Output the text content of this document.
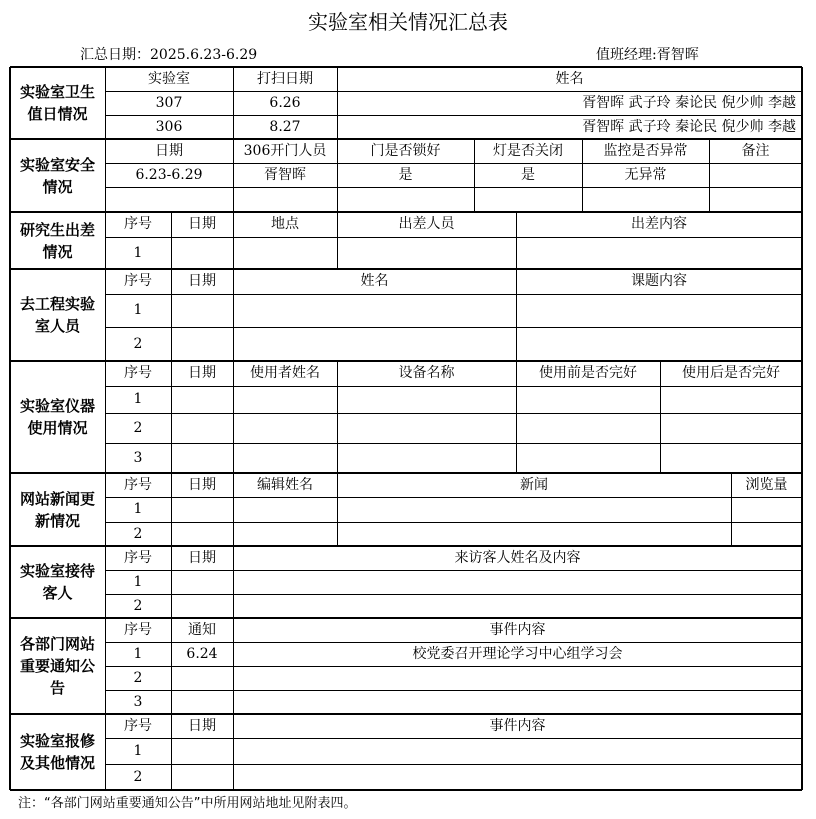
实验室相关情况汇总表
汇总日期：2025.6.23-6.29	值班经理:胥智晖
实验室卫生值日情况
实验室	打扫日期	姓名
307	6.26	胥智晖 武子玲 秦论民 倪少帅 李越
306	8.27	胥智晖 武子玲 秦论民 倪少帅 李越
实验室安全情况
日期	306开门人员	门是否锁好	灯是否关闭	监控是否异常	备注
6.23-6.29	胥智晖	是	是	无异常
研究生出差情况
序号	日期	地点	出差人员	出差内容
1
去工程实验室人员
序号	日期	姓名	课题内容
1
2
实验室仪器使用情况
序号	日期	使用者姓名	设备名称	使用前是否完好	使用后是否完好
1
2
3
网站新闻更新情况
序号	日期	编辑姓名	新闻	浏览量
1
2
实验室接待客人
序号	日期	来访客人姓名及内容
1
2
各部门网站重要通知公告
序号	通知	事件内容
1	6.24	校党委召开理论学习中心组学习会
2
3
实验室报修及其他情况
序号	日期	事件内容
1
2
注：“各部门网站重要通知公告”中所用网站地址见附表四。
